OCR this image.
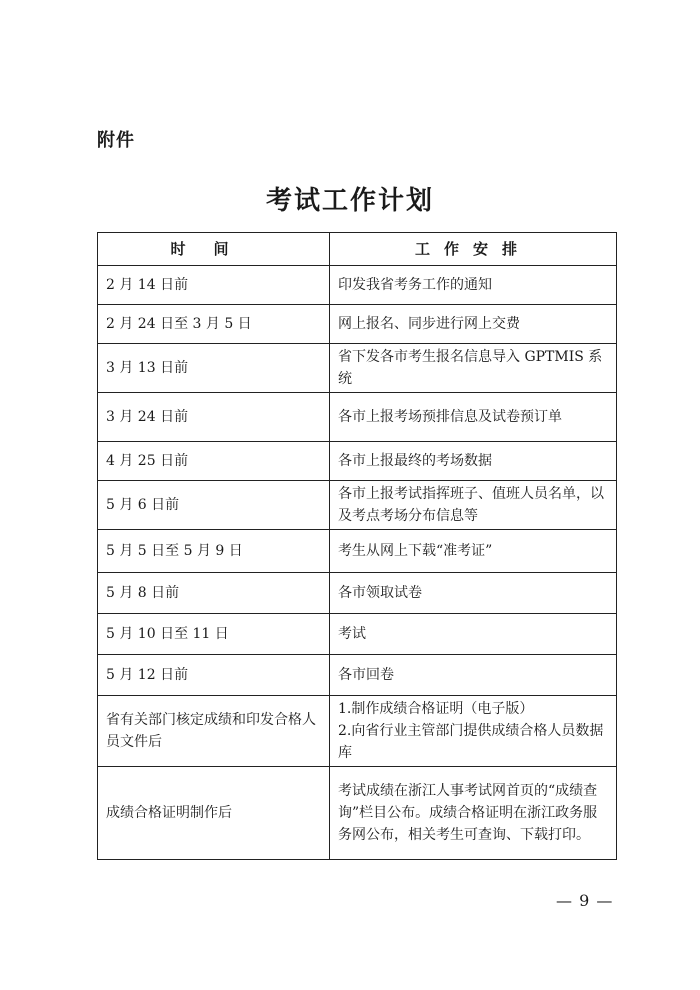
附件
考试工作计划
时间	工作安排
2 月 14 日前	印发我省考务工作的通知
2 月 24 日至 3 月 5 日	网上报名、同步进行网上交费
3 月 13 日前	省下发各市考生报名信息导入 GPTMIS 系统
3 月 24 日前	各市上报考场预排信息及试卷预订单
4 月 25 日前	各市上报最终的考场数据
5 月 6 日前	各市上报考试指挥班子、值班人员名单，以及考点考场分布信息等
5 月 5 日至 5 月 9 日	考生从网上下载“准考证”
5 月 8 日前	各市领取试卷
5 月 10 日至 11 日	考试
5 月 12 日前	各市回卷
省有关部门核定成绩和印发合格人员文件后	1.制作成绩合格证明（电子版）
2.向省行业主管部门提供成绩合格人员数据库

成绩合格证明制作后	考试成绩在浙江人事考试网首页的“成绩查询”栏目公布。成绩合格证明在浙江政务服务网公布，相关考生可查询、下载打印。
— 9 —
